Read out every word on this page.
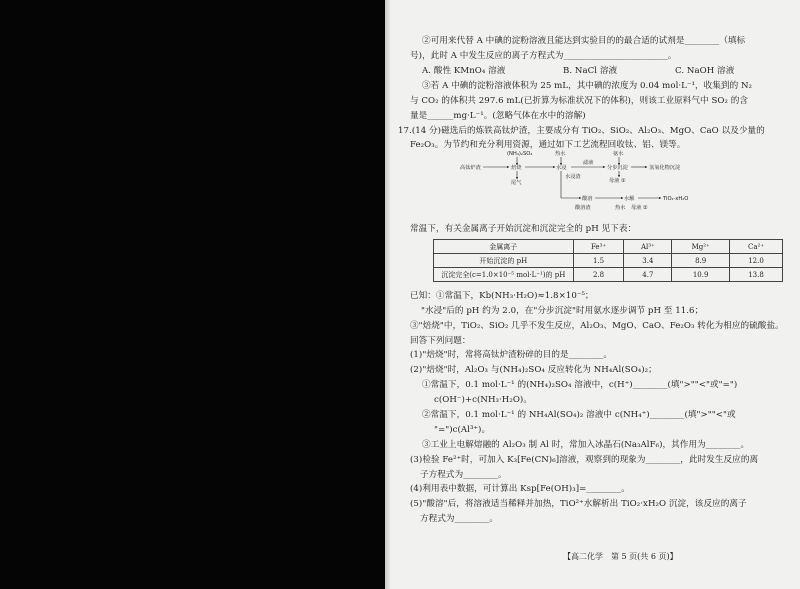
②可用来代替 A 中碘的淀粉溶液且能达到实验目的的最合适的试剂是________（填标
号)，此时 A 中发生反应的离子方程式为________________________。
A. 酸性 KMnO₄ 溶液	B. NaCl 溶液	C. NaOH 溶液
③若 A 中碘的淀粉溶液体积为 25 mL，其中碘的浓度为 0.04 mol·L⁻¹，收集到的 N₂
与 CO₂ 的体积共 297.6 mL(已折算为标准状况下的体积)，则该工业原料气中 SO₂ 的含
量是______mg·L⁻¹。(忽略气体在水中的溶解)
17.(14 分)磁选后的炼铁高钛炉渣，主要成分有 TiO₂、SiO₂、Al₂O₃、MgO、CaO 以及少量的
Fe₂O₃。为节约和充分利用资源，通过如下工艺流程回收钛、铝、镁等。
(NH₄)₂SO₄	热水	氨水
高钛炉渣	焙烧	水浸
滤液
分步沉淀	氢氧化物沉淀
尾气	母液 ①
水浸渣
酸溶	水解	TiO₂·xH₂O
酸溶渣	热水 母液 ②
常温下，有关金属离子开始沉淀和沉淀完全的 pH 见下表：
金属离子	Fe³⁺	Al³⁺	Mg²⁺	Ca²⁺
开始沉淀的 pH	1.5	3.4	8.9	12.0
沉淀完全(c=1.0×10⁻⁵ mol·L⁻¹)的 pH	2.8	4.7	10.9	13.8
已知：①常温下，Kb(NH₃·H₂O)≈1.8×10⁻⁵；
"水浸"后的 pH 约为 2.0，在"分步沉淀"时用氨水逐步调节 pH 至 11.6；
③"焙烧"中，TiO₂、SiO₂ 几乎不发生反应，Al₂O₃、MgO、CaO、Fe₂O₃ 转化为相应的硫酸盐。
回答下列问题：
(1)"焙烧"时，常将高钛炉渣粉碎的目的是________。
(2)"焙烧"时，Al₂O₃ 与(NH₄)₂SO₄ 反应转化为 NH₄Al(SO₄)₂；
①常温下，0.1 mol·L⁻¹ 的(NH₄)₂SO₄ 溶液中，c(H⁺)________(填">""<"或"=")
c(OH⁻)+c(NH₃·H₂O)。
②常温下，0.1 mol·L⁻¹ 的 NH₄Al(SO₄)₂ 溶液中 c(NH₄⁺)________(填">""<"或
"=")c(Al³⁺)。
③工业上电解熔融的 Al₂O₃ 制 Al 时，常加入冰晶石(Na₃AlF₆)，其作用为________。
(3)检验 Fe²⁺时，可加入 K₃[Fe(CN)₆]溶液，观察到的现象为________，此时发生反应的离
子方程式为________。
(4)利用表中数据，可计算出 Ksp[Fe(OH)₃]=________。
(5)"酸溶"后，将溶液适当稀释并加热，TiO²⁺水解析出 TiO₂·xH₂O 沉淀，该反应的离子
方程式为________。
【高二化学　第 5 页(共 6 页)】
